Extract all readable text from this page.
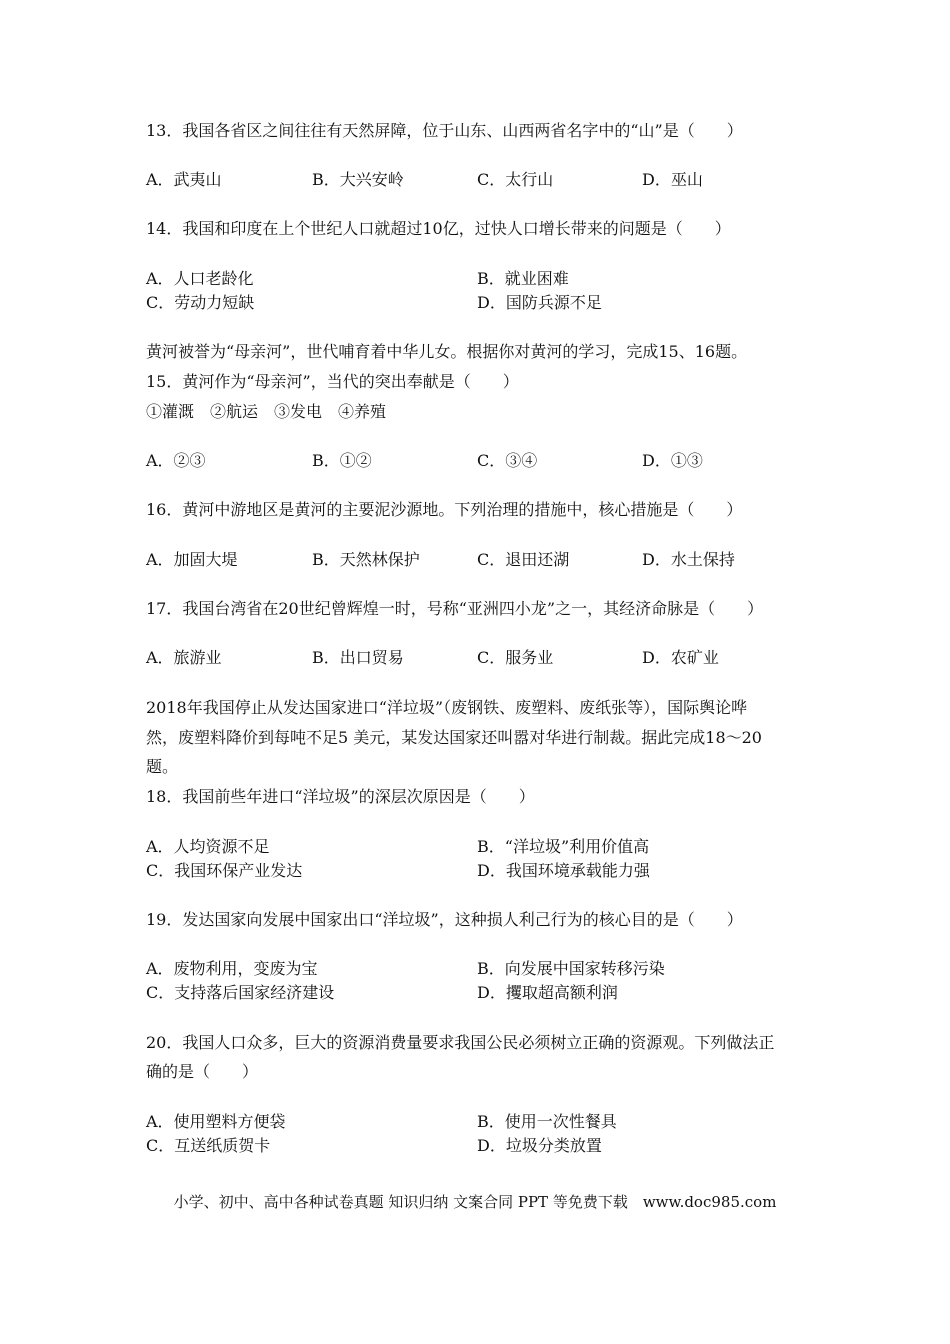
13．我国各省区之间往往有天然屏障，位于山东、山西两省名字中的“山”是（　　）
A．武夷山	B．大兴安岭	C．太行山	D．巫山
14．我国和印度在上个世纪人口就超过10亿，过快人口增长带来的问题是（　　）
A．人口老龄化	B．就业困难
C．劳动力短缺	D．国防兵源不足
黄河被誉为“母亲河”，世代哺育着中华儿女。根据你对黄河的学习，完成15、16题。
15．黄河作为“母亲河”，当代的突出奉献是（　　）
①灌溉　②航运　③发电　④养殖
A．②③	B．①②	C．③④	D．①③
16．黄河中游地区是黄河的主要泥沙源地。下列治理的措施中，核心措施是（　　）
A．加固大堤	B．天然林保护	C．退田还湖	D．水土保持
17．我国台湾省在20世纪曾辉煌一时，号称“亚洲四小龙”之一，其经济命脉是（　　）
A．旅游业	B．出口贸易	C．服务业	D．农矿业
2018年我国停止从发达国家进口“洋垃圾”（废钢铁、废塑料、废纸张等），国际舆论哗
然，废塑料降价到每吨不足5 美元，某发达国家还叫嚣对华进行制裁。据此完成18～20
题。
18．我国前些年进口“洋垃圾”的深层次原因是（　　）
A．人均资源不足	B．“洋垃圾”利用价值高
C．我国环保产业发达	D．我国环境承载能力强
19．发达国家向发展中国家出口“洋垃圾”，这种损人利己行为的核心目的是（　　）
A．废物利用，变废为宝	B．向发展中国家转移污染
C．支持落后国家经济建设	D．攫取超高额利润
20．我国人口众多，巨大的资源消费量要求我国公民必须树立正确的资源观。下列做法正
确的是（　　）
A．使用塑料方便袋	B．使用一次性餐具
C．互送纸质贺卡	D．垃圾分类放置
小学、初中、高中各种试卷真题 知识归纳 文案合同 PPT 等免费下载　www.doc985.com
